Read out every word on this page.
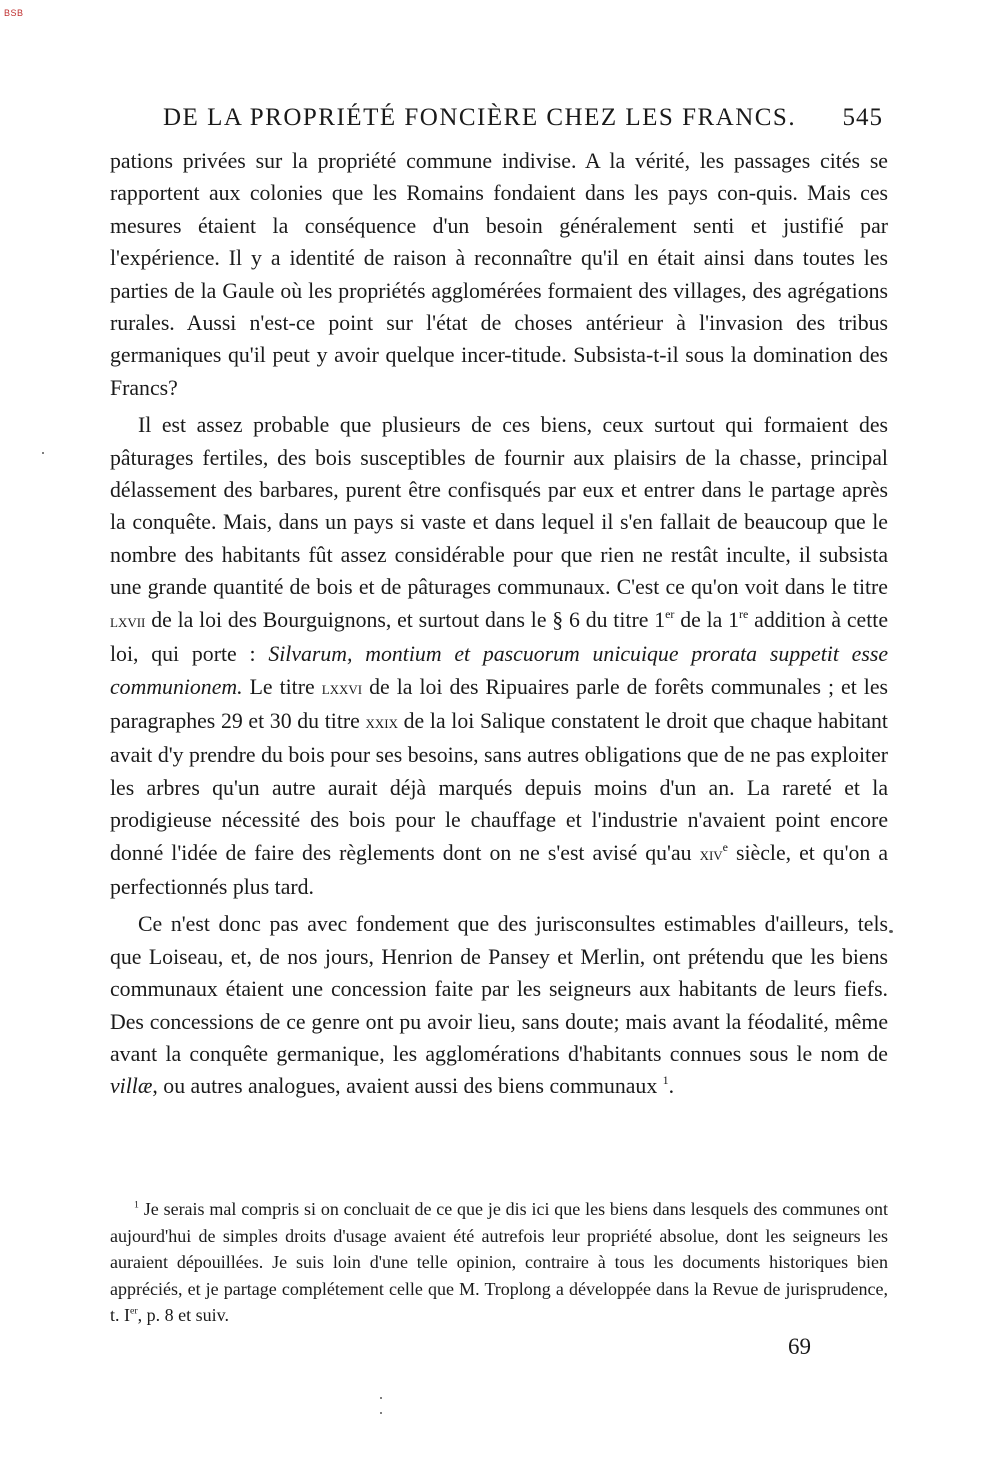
BSB
DE LA PROPRIÉTÉ FONCIÈRE CHEZ LES FRANCS. 545

pations privées sur la propriété commune indivise. A la vérité, les passages cités se rapportent aux colonies que les Romains fondaient dans les pays con-quis. Mais ces mesures étaient la conséquence d'un besoin généralement senti et justifié par l'expérience. Il y a identité de raison à reconnaître qu'il en était ainsi dans toutes les parties de la Gaule où les propriétés agglomérées formaient des villages, des agrégations rurales. Aussi n'est-ce point sur l'état de choses antérieur à l'invasion des tribus germaniques qu'il peut y avoir quelque incer-titude. Subsista-t-il sous la domination des Francs?

Il est assez probable que plusieurs de ces biens, ceux surtout qui formaient des pâturages fertiles, des bois susceptibles de fournir aux plaisirs de la chasse, principal délassement des barbares, purent être confisqués par eux et entrer dans le partage après la conquête. Mais, dans un pays si vaste et dans lequel il s'en fallait de beaucoup que le nombre des habitants fût assez considérable pour que rien ne restât inculte, il subsista une grande quantité de bois et de pâturages communaux. C'est ce qu'on voit dans le titre lxvii de la loi des Bourguignons, et surtout dans le § 6 du titre 1er de la 1re addition à cette loi, qui porte : Silvarum, montium et pascuorum unicuique prorata suppetit esse communionem. Le titre lxxvi de la loi des Ripuaires parle de forêts communales ; et les paragraphes 29 et 30 du titre xxix de la loi Salique constatent le droit que chaque habitant avait d'y prendre du bois pour ses besoins, sans autres obligations que de ne pas exploiter les arbres qu'un autre aurait déjà marqués depuis moins d'un an. La rareté et la prodigieuse nécessité des bois pour le chauffage et l'industrie n'avaient point encore donné l'idée de faire des règlements dont on ne s'est avisé qu'au xiv$^e$ siècle, et qu'on a perfectionnés plus tard.

Ce n'est donc pas avec fondement que des jurisconsultes estimables d'ailleurs, tels que Loiseau, et, de nos jours, Henrion de Pansey et Merlin, ont prétendu que les biens communaux étaient une concession faite par les seigneurs aux habitants de leurs fiefs. Des concessions de ce genre ont pu avoir lieu, sans doute; mais avant la féodalité, même avant la conquête germanique, les agglomérations d'habitants connues sous le nom de villæ, ou autres analogues, avaient aussi des biens communaux $^1$.

$^1$ Je serais mal compris si on concluait de ce que je dis ici que les biens dans lesquels des communes ont aujourd'hui de simples droits d'usage avaient été autrefois leur propriété absolue, dont les seigneurs les auraient dépouillées. Je suis loin d'une telle opinion, contraire à tous les documents historiques bien appréciés, et je partage complétement celle que M. Troplong a développée dans la Revue de jurisprudence, t. Ier, p. 8 et suiv.

69
